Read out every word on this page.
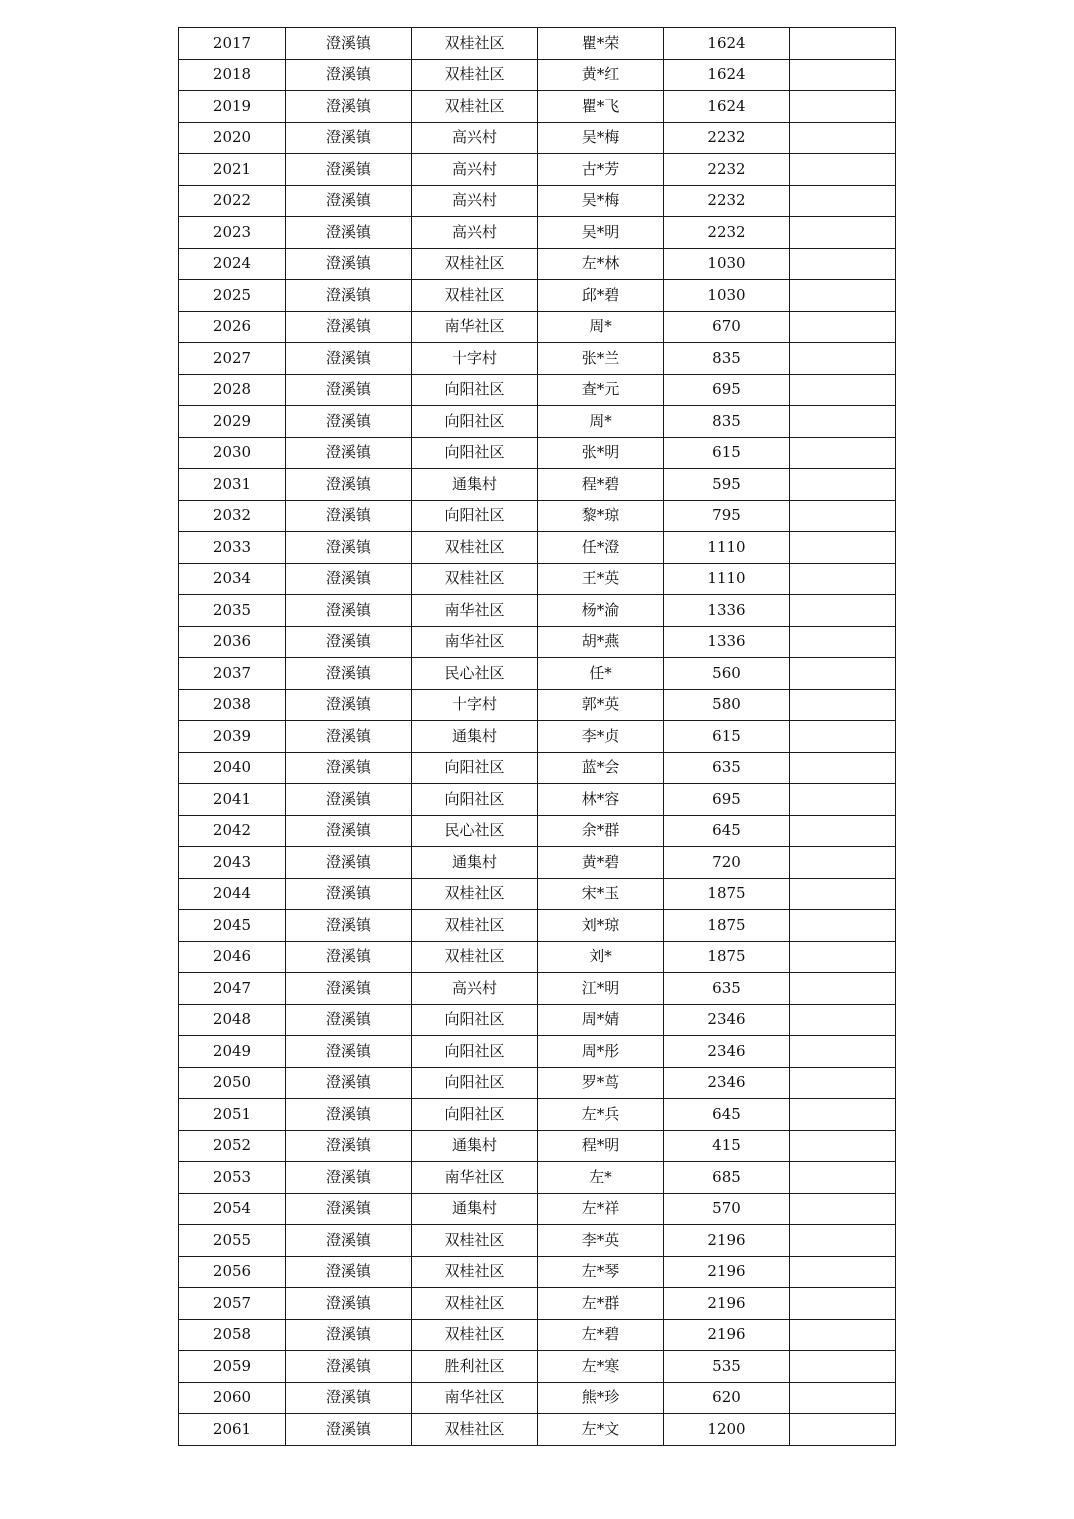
2017	澄溪镇	双桂社区	瞿*荣	1624	
2018	澄溪镇	双桂社区	黄*红	1624	
2019	澄溪镇	双桂社区	瞿*飞	1624	
2020	澄溪镇	高兴村	吴*梅	2232	
2021	澄溪镇	高兴村	古*芳	2232	
2022	澄溪镇	高兴村	吴*梅	2232	
2023	澄溪镇	高兴村	吴*明	2232	
2024	澄溪镇	双桂社区	左*林	1030	
2025	澄溪镇	双桂社区	邱*碧	1030	
2026	澄溪镇	南华社区	周*	670	
2027	澄溪镇	十字村	张*兰	835	
2028	澄溪镇	向阳社区	查*元	695	
2029	澄溪镇	向阳社区	周*	835	
2030	澄溪镇	向阳社区	张*明	615	
2031	澄溪镇	通集村	程*碧	595	
2032	澄溪镇	向阳社区	黎*琼	795	
2033	澄溪镇	双桂社区	任*澄	1110	
2034	澄溪镇	双桂社区	王*英	1110	
2035	澄溪镇	南华社区	杨*渝	1336	
2036	澄溪镇	南华社区	胡*燕	1336	
2037	澄溪镇	民心社区	任*	560	
2038	澄溪镇	十字村	郭*英	580	
2039	澄溪镇	通集村	李*贞	615	
2040	澄溪镇	向阳社区	蓝*会	635	
2041	澄溪镇	向阳社区	林*容	695	
2042	澄溪镇	民心社区	余*群	645	
2043	澄溪镇	通集村	黄*碧	720	
2044	澄溪镇	双桂社区	宋*玉	1875	
2045	澄溪镇	双桂社区	刘*琼	1875	
2046	澄溪镇	双桂社区	刘*	1875	
2047	澄溪镇	高兴村	江*明	635	
2048	澄溪镇	向阳社区	周*婧	2346	
2049	澄溪镇	向阳社区	周*彤	2346	
2050	澄溪镇	向阳社区	罗*茑	2346	
2051	澄溪镇	向阳社区	左*兵	645	
2052	澄溪镇	通集村	程*明	415	
2053	澄溪镇	南华社区	左*	685	
2054	澄溪镇	通集村	左*祥	570	
2055	澄溪镇	双桂社区	李*英	2196	
2056	澄溪镇	双桂社区	左*琴	2196	
2057	澄溪镇	双桂社区	左*群	2196	
2058	澄溪镇	双桂社区	左*碧	2196	
2059	澄溪镇	胜利社区	左*寒	535	
2060	澄溪镇	南华社区	熊*珍	620	
2061	澄溪镇	双桂社区	左*文	1200	
